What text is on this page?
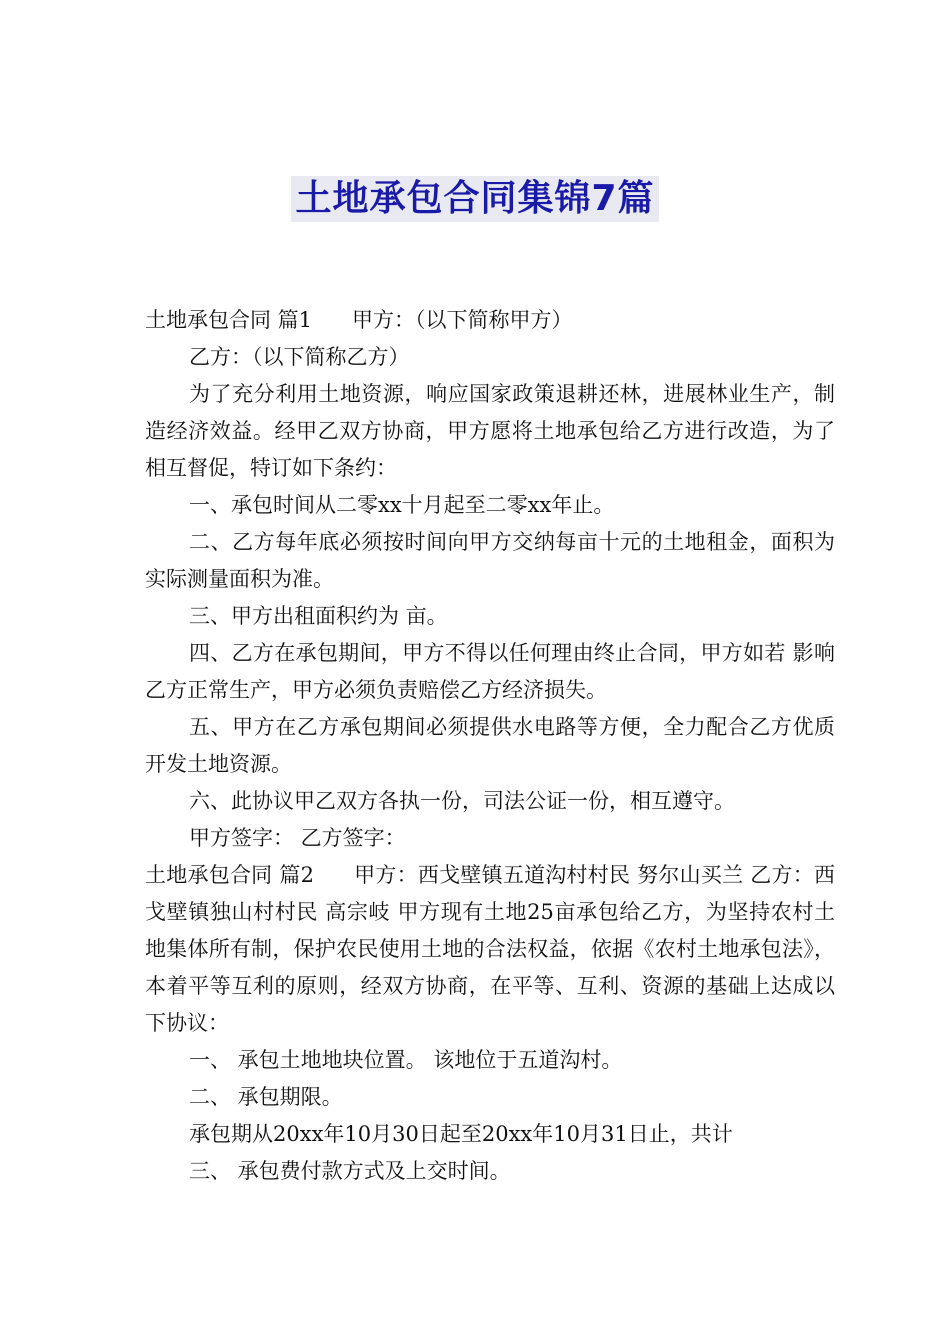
土地承包合同集锦7篇

土地承包合同 篇1 甲方：（以下简称甲方）

乙方：（以下简称乙方）

为了充分利用土地资源，响应国家政策退耕还林，进展林业生产，制造经济效益。经甲乙双方协商，甲方愿将土地承包给乙方进行改造，为了相互督促，特订如下条约：

一、承包时间从二零xx十月起至二零xx年止。

二、乙方每年底必须按时间向甲方交纳每亩十元的土地租金，面积为实际测量面积为准。

三、甲方出租面积约为 亩。

四、乙方在承包期间，甲方不得以任何理由终止合同，甲方如若 影响乙方正常生产，甲方必须负责赔偿乙方经济损失。

五、甲方在乙方承包期间必须提供水电路等方便，全力配合乙方优质开发土地资源。

六、此协议甲乙双方各执一份，司法公证一份，相互遵守。

甲方签字： 乙方签字：

土地承包合同 篇2 甲方：西戈壁镇五道沟村村民 努尔山买兰 乙方：西戈壁镇独山村村民 高宗岐 甲方现有土地25亩承包给乙方，为坚持农村土地集体所有制，保护农民使用土地的合法权益，依据《农村土地承包法》，本着平等互利的原则，经双方协商，在平等、互利、资源的基础上达成以下协议：

一、 承包土地地块位置。 该地位于五道沟村。

二、 承包期限。

承包期从20xx年10月30日起至20xx年10月31日止，共计

三、 承包费付款方式及上交时间。
